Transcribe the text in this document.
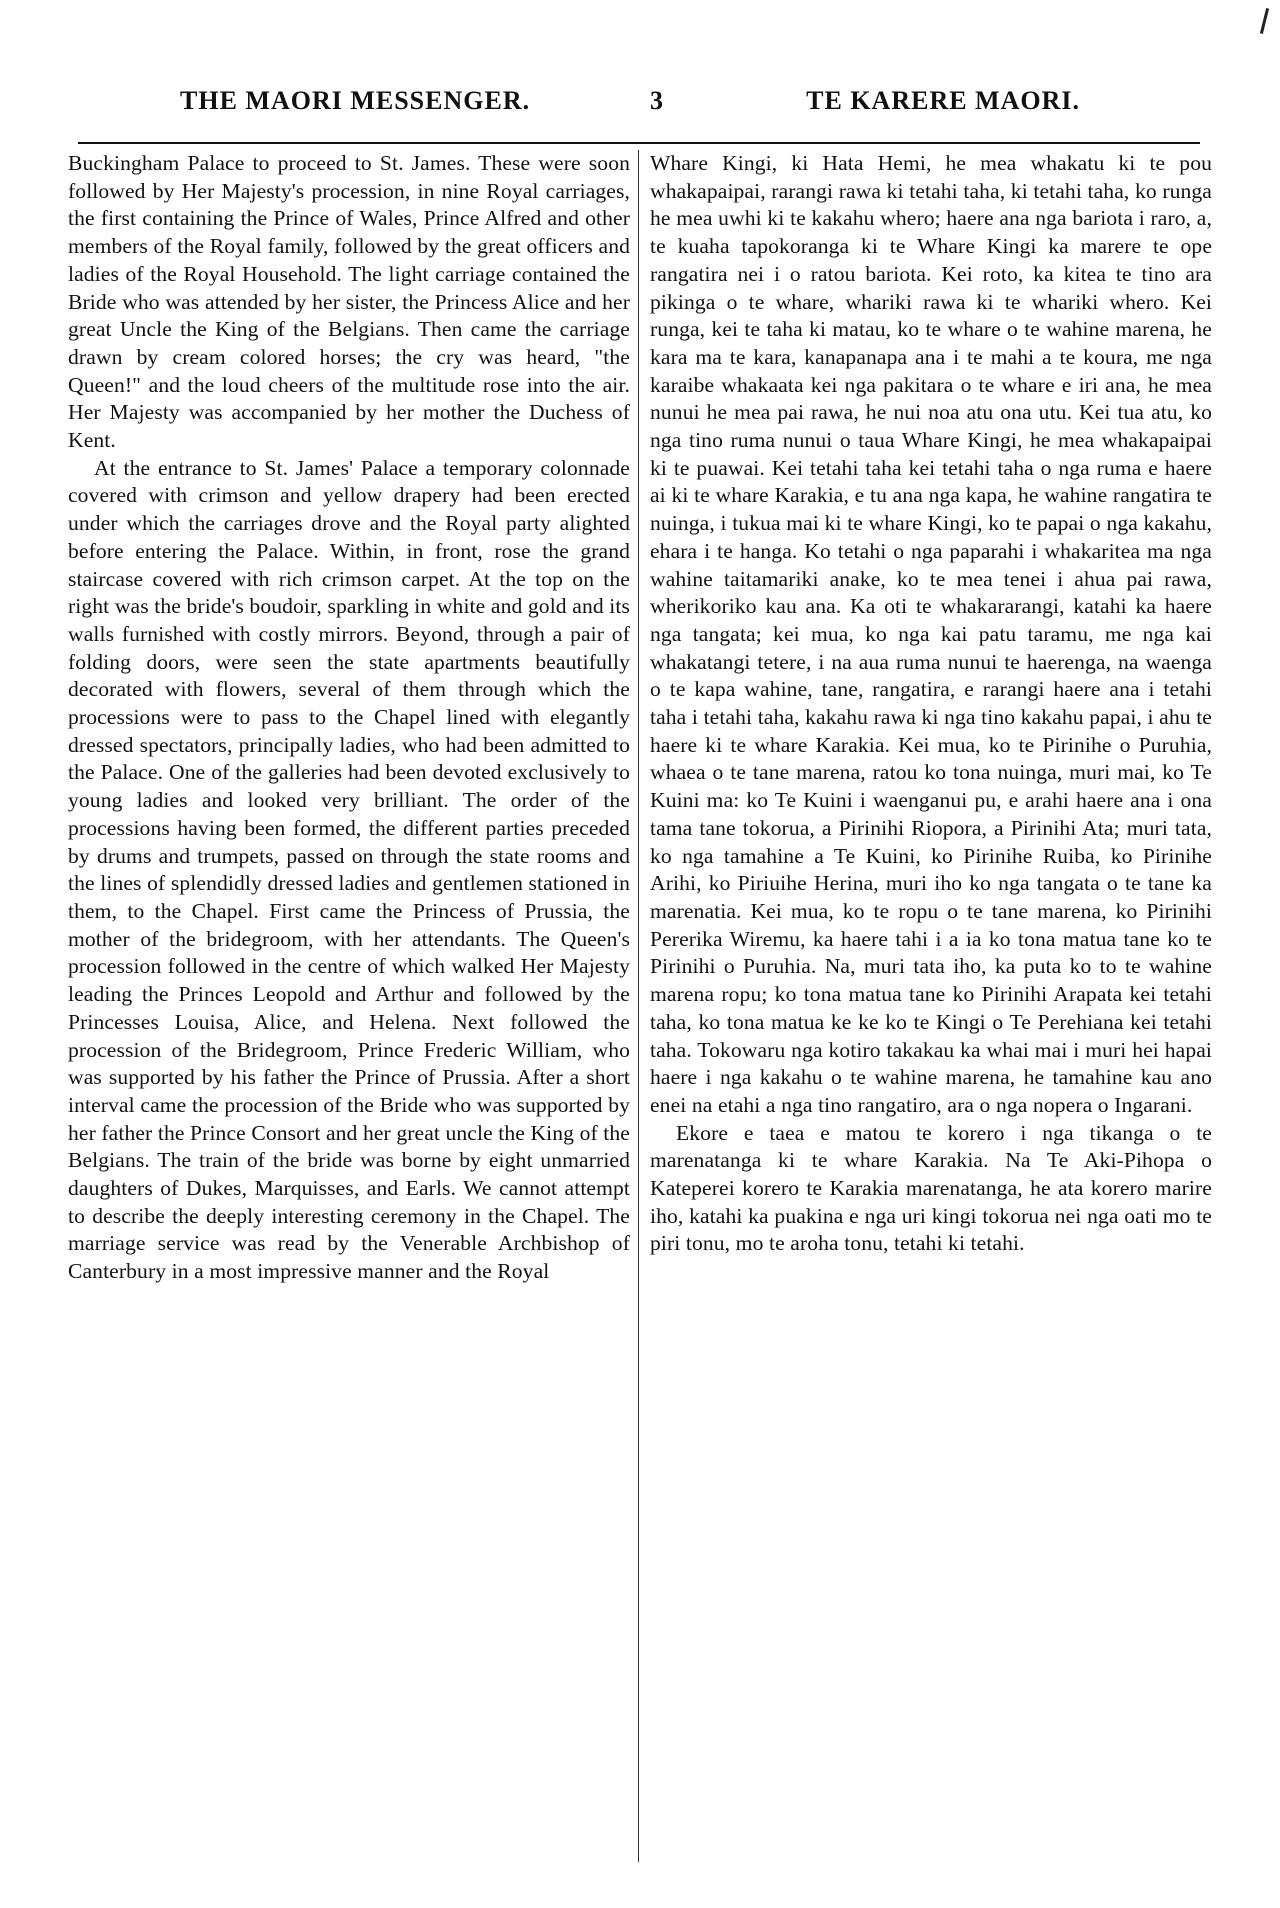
THE MAORI MESSENGER.	3	TE KARERE MAORI.

Buckingham Palace to proceed to St. James. These were soon followed by Her Majesty's procession, in nine Royal carriages, the first containing the Prince of Wales, Prince Alfred and other members of the Royal family, followed by the great officers and ladies of the Royal Household. The light carriage contained the Bride who was attended by her sister, the Princess Alice and her great Uncle the King of the Belgians. Then came the carriage drawn by cream colored horses; the cry was heard, "the Queen!" and the loud cheers of the multitude rose into the air. Her Majesty was accompanied by her mother the Duchess of Kent.

At the entrance to St. James' Palace a temporary colonnade covered with crimson and yellow drapery had been erected under which the carriages drove and the Royal party alighted before entering the Palace. Within, in front, rose the grand staircase covered with rich crimson carpet. At the top on the right was the bride's boudoir, sparkling in white and gold and its walls furnished with costly mirrors. Beyond, through a pair of folding doors, were seen the state apartments beautifully decorated with flowers, several of them through which the processions were to pass to the Chapel lined with elegantly dressed spectators, principally ladies, who had been admitted to the Palace. One of the galleries had been devoted exclusively to young ladies and looked very brilliant. The order of the processions having been formed, the different parties preceded by drums and trumpets, passed on through the state rooms and the lines of splendidly dressed ladies and gentlemen stationed in them, to the Chapel. First came the Princess of Prussia, the mother of the bridegroom, with her attendants. The Queen's procession followed in the centre of which walked Her Majesty leading the Princes Leopold and Arthur and followed by the Princesses Louisa, Alice, and Helena. Next followed the procession of the Bridegroom, Prince Frederic William, who was supported by his father the Prince of Prussia. After a short interval came the procession of the Bride who was supported by her father the Prince Consort and her great uncle the King of the Belgians. The train of the bride was borne by eight unmarried daughters of Dukes, Marquisses, and Earls. We cannot attempt to describe the deeply interesting ceremony in the Chapel. The marriage service was read by the Venerable Archbishop of Canterbury in a most impressive manner and the Royal

Whare Kingi, ki Hata Hemi, he mea whakatu ki te pou whakapaipai, rarangi rawa ki tetahi taha, ki tetahi taha, ko runga he mea uwhi ki te kakahu whero; haere ana nga bariota i raro, a, te kuaha tapokoranga ki te Whare Kingi ka marere te ope rangatira nei i o ratou bariota. Kei roto, ka kitea te tino ara pikinga o te whare, whariki rawa ki te whariki whero. Kei runga, kei te taha ki matau, ko te whare o te wahine marena, he kara ma te kara, kanapanapa ana i te mahi a te koura, me nga karaibe whakaata kei nga pakitara o te whare e iri ana, he mea nunui he mea pai rawa, he nui noa atu ona utu. Kei tua atu, ko nga tino ruma nunui o taua Whare Kingi, he mea whakapaipai ki te puawai. Kei tetahi taha kei tetahi taha o nga ruma e haere ai ki te whare Karakia, e tu ana nga kapa, he wahine rangatira te nuinga, i tukua mai ki te whare Kingi, ko te papai o nga kakahu, ehara i te hanga. Ko tetahi o nga paparahi i whakaritea ma nga wahine taitamariki anake, ko te mea tenei i ahua pai rawa, wherikoriko kau ana. Ka oti te whakararangi, katahi ka haere nga tangata; kei mua, ko nga kai patu taramu, me nga kai whakatangi tetere, i na aua ruma nunui te haerenga, na waenga o te kapa wahine, tane, rangatira, e rarangi haere ana i tetahi taha i tetahi taha, kakahu rawa ki nga tino kakahu papai, i ahu te haere ki te whare Karakia. Kei mua, ko te Pirinihe o Puruhia, whaea o te tane marena, ratou ko tona nuinga, muri mai, ko Te Kuini ma: ko Te Kuini i waenganui pu, e arahi haere ana i ona tama tane tokorua, a Pirinihi Riopora, a Pirinihi Ata; muri tata, ko nga tamahine a Te Kuini, ko Pirinihe Ruiba, ko Pirinihe Arihi, ko Piriuihe Herina, muri iho ko nga tangata o te tane ka marenatia. Kei mua, ko te ropu o te tane marena, ko Pirinihi Pererika Wiremu, ka haere tahi i a ia ko tona matua tane ko te Pirinihi o Puruhia. Na, muri tata iho, ka puta ko to te wahine marena ropu; ko tona matua tane ko Pirinihi Arapata kei tetahi taha, ko tona matua ke ke ko te Kingi o Te Perehiana kei tetahi taha. Tokowaru nga kotiro takakau ka whai mai i muri hei hapai haere i nga kakahu o te wahine marena, he tamahine kau ano enei na etahi a nga tino rangatiro, ara o nga nopera o Ingarani.

Ekore e taea e matou te korero i nga tikanga o te marenatanga ki te whare Karakia. Na Te Aki-Pihopa o Kateperei korero te Karakia marenatanga, he ata korero marire iho, katahi ka puakina e nga uri kingi tokorua nei nga oati mo te piri tonu, mo te aroha tonu, tetahi ki tetahi.
